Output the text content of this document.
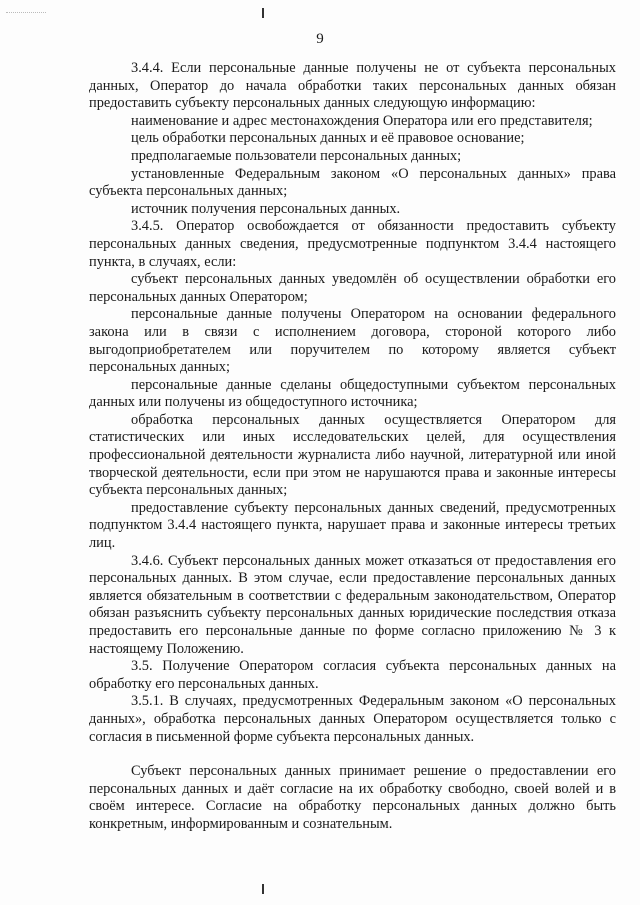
9

3.4.4. Если персональные данные получены не от субъекта персональных данных, Оператор до начала обработки таких персональных данных обязан предоставить субъекту персональных данных следующую информацию:

наименование и адрес местонахождения Оператора или его представителя;

цель обработки персональных данных и её правовое основание;

предполагаемые пользователи персональных данных;

установленные Федеральным законом «О персональных данных» права субъекта персональных данных;

источник получения персональных данных.

3.4.5. Оператор освобождается от обязанности предоставить субъекту персональных данных сведения, предусмотренные подпунктом 3.4.4 настоящего пункта, в случаях, если:

субъект персональных данных уведомлён об осуществлении обработки его персональных данных Оператором;

персональные данные получены Оператором на основании федерального закона или в связи с исполнением договора, стороной которого либо выгодоприобретателем или поручителем по которому является субъект персональных данных;

персональные данные сделаны общедоступными субъектом персональных данных или получены из общедоступного источника;

обработка персональных данных осуществляется Оператором для статистических или иных исследовательских целей, для осуществления профессиональной деятельности журналиста либо научной, литературной или иной творческой деятельности, если при этом не нарушаются права и законные интересы субъекта персональных данных;

предоставление субъекту персональных данных сведений, предусмотренных подпунктом 3.4.4 настоящего пункта, нарушает права и законные интересы третьих лиц.

3.4.6. Субъект персональных данных может отказаться от предоставления его персональных данных. В этом случае, если предоставление персональных данных является обязательным в соответствии с федеральным законодательством, Оператор обязан разъяснить субъекту персональных данных юридические последствия отказа предоставить его персональные данные по форме согласно приложению № 3 к настоящему Положению.

3.5. Получение Оператором согласия субъекта персональных данных на обработку его персональных данных.

3.5.1. В случаях, предусмотренных Федеральным законом «О персональных данных», обработка персональных данных Оператором осуществляется только с согласия в письменной форме субъекта персональных данных.

Субъект персональных данных принимает решение о предоставлении его персональных данных и даёт согласие на их обработку свободно, своей волей и в своём интересе. Согласие на обработку персональных данных должно быть конкретным, информированным и сознательным.
